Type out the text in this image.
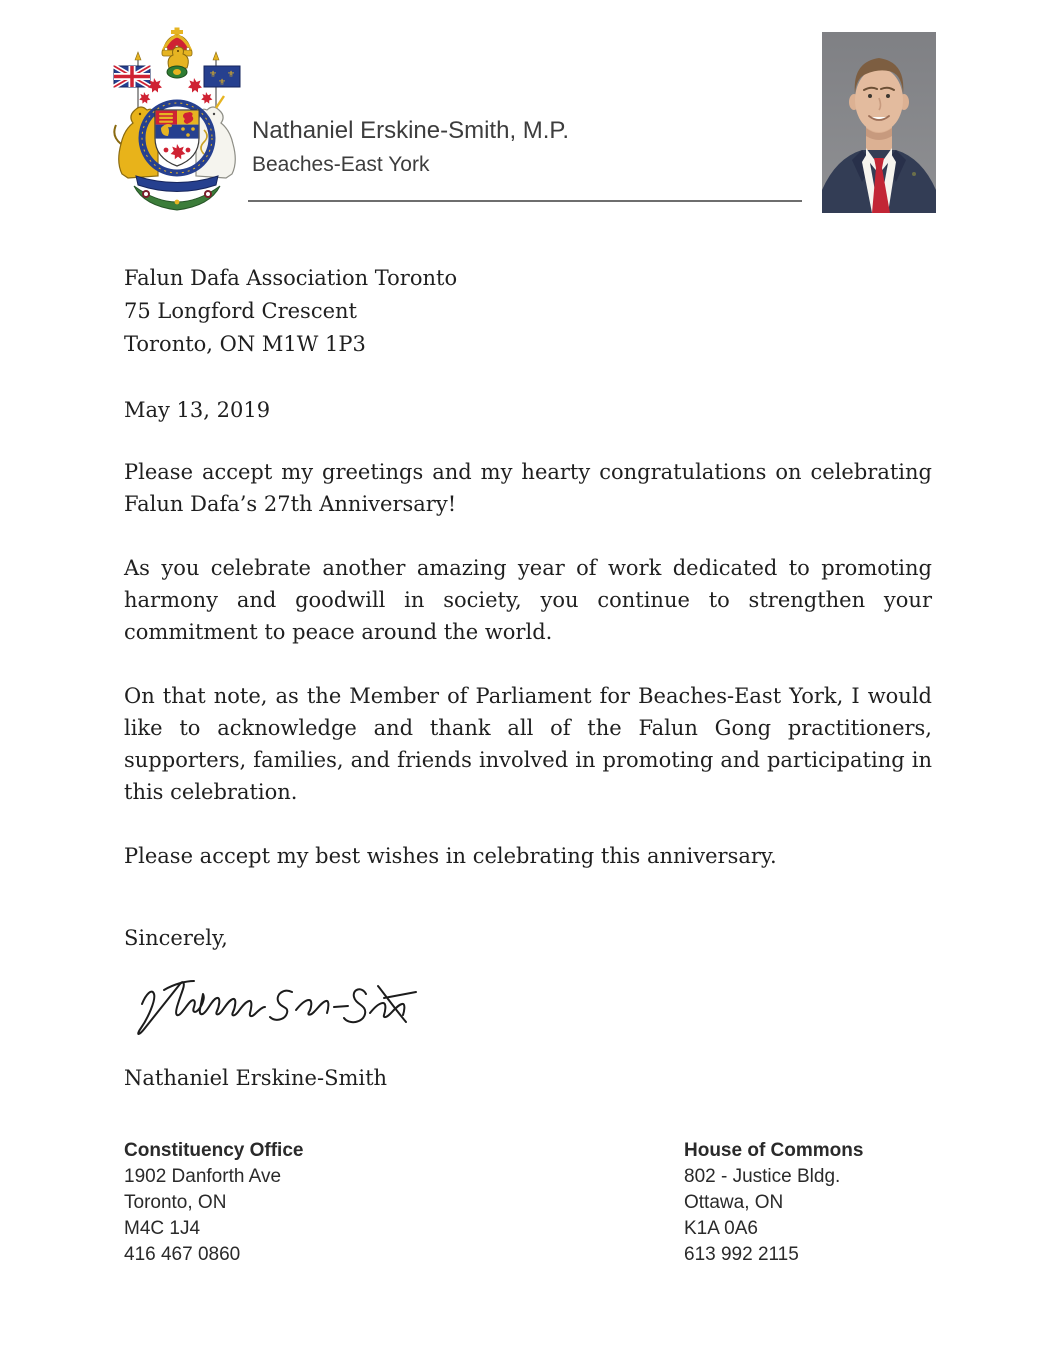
⚜ ⚜
⚜
Nathaniel Erskine-Smith, M.P.
Beaches-East York
Falun Dafa Association Toronto
75 Longford Crescent
Toronto, ON M1W 1P3
May 13, 2019

Please accept my greetings and my hearty congratulations on celebrating Falun Dafa’s 27th Anniversary!

As you celebrate another amazing year of work dedicated to promoting harmony and goodwill in society, you continue to strengthen your commitment to peace around the world.

On that note, as the Member of Parliament for Beaches-East York, I would like to acknowledge and thank all of the Falun Gong practitioners, supporters, families, and friends involved in promoting and participating in this celebration.

Please accept my best wishes in celebrating this anniversary.

Sincerely,
Nathaniel Erskine-Smith
Constituency Office
1902 Danforth Ave
Toronto, ON
M4C 1J4
416 467 0860
House of Commons
802 - Justice Bldg.
Ottawa, ON
K1A 0A6
613 992 2115
